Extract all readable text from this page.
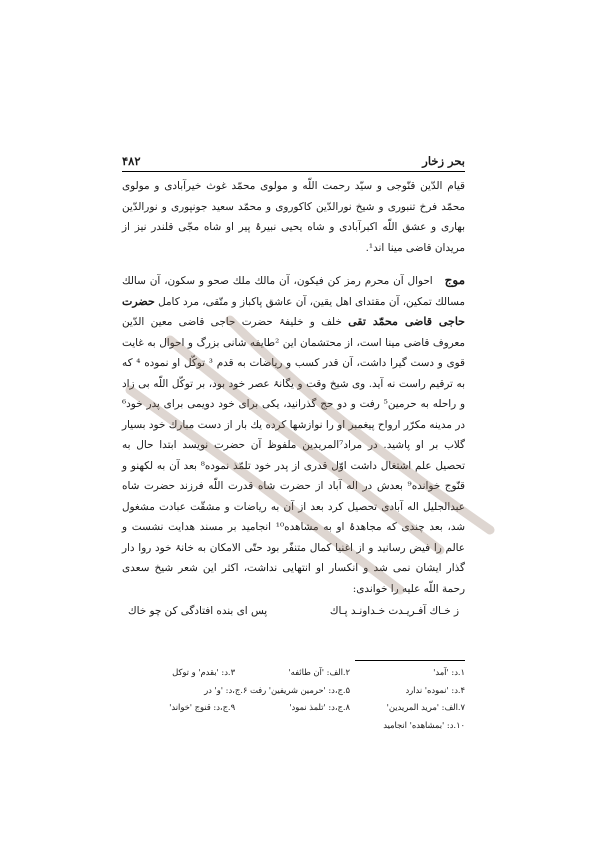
بحر زخار
۴۸۲

قیام الدّین قنّوجی و سیّد رحمت اللّه و مولوی محمّد غوث خیرآبادی و مولوی محمّد فرخ تنبوری و شیخ نورالدّین کاکوروی و محمّد سعید جونپوری و نورالدّین بهاری و عشق اللّه اکبرآبادی و شاه یحیی نبیرۂ پیر او شاه مجّی قلندر نیز از مریدان قاضی مینا اند¹.

موج احوال آن محرم رمز کن فیکون، آن مالك ملك صحو و سکون، آن سالك مسالك تمکین، آن مقتدای اهل یقین، آن عاشق پاکباز و متّقی، مرد کامل حضرت حاجی قاضی محمّد تقی خلف و خلیفۂ حضرت حاجی قاضی معین الدّین معروف قاضی مینا است، از محتشمان این ²طایفه شانی بزرگ و احوال به غایت قوی و دست گیرا داشت، آن قدر کسب و ریاضات به قدم ³ توکّل او نموده ⁴ که به ترقیم راست نه آید. وی شیخ وقت و یگانۂ عصر خود بود، بر توکّل اللّه بی زاد و راحله به حرمین⁵ رفت و دو حج گذرانید، یکی برای خود دویمی برای پدر خود⁶ در مدینه مکرّر ارواح پیغمبر او را نوازشها کرده یك بار از دست مبارك خود بسیار گلاب بر او پاشید. در مراد⁷المریدین ملفوظ آن حضرت نویسد ابتدا حال به تحصیل علم اشتغال داشت اوّل قدری از پدر خود تلمّذ نموده⁸ بعد آن به لکهنو و قنّوج خوانده⁹ بعدش در اله آباد از حضرت شاه قدرت اللّه فرزند حضرت شاه عبدالجلیل اله آبادی تحصیل کرد بعد از آن به ریاضات و مشقّت عبادت مشغول شد، بعد چندی که مجاهدۂ او به مشاهده¹⁰ انجامید بر مسند هدایت نشست و عالم را فیض رسانید و از اغنیا کمال متنفّر بود حتّی الامکان به خانۂ خود روا دار گذار ایشان نمی شد و انکسار او انتهایی نداشت، اکثر این شعر شیخ سعدی رحمة اللّه علیه را خواندی:

ز خـاك آفـریـدت خـداونـد پـاك
پس ای بنده افتادگی کن چو خاك
۱.د: 'آمد'
۲.الف: 'آن طائفه'
۳.د: 'بقدم' و توکل
۴.د: 'نموده' ندارد
۵.ج،د: 'حرمین شریفین' رفت ۶.ج،د: 'و' در
۷.الف: 'مرید المریدین'
۸.ج،د: 'تلمذ نمود'
۹.ج،د: قنوج 'خواند'
۱۰.د: 'بمشاهده' انجامید
